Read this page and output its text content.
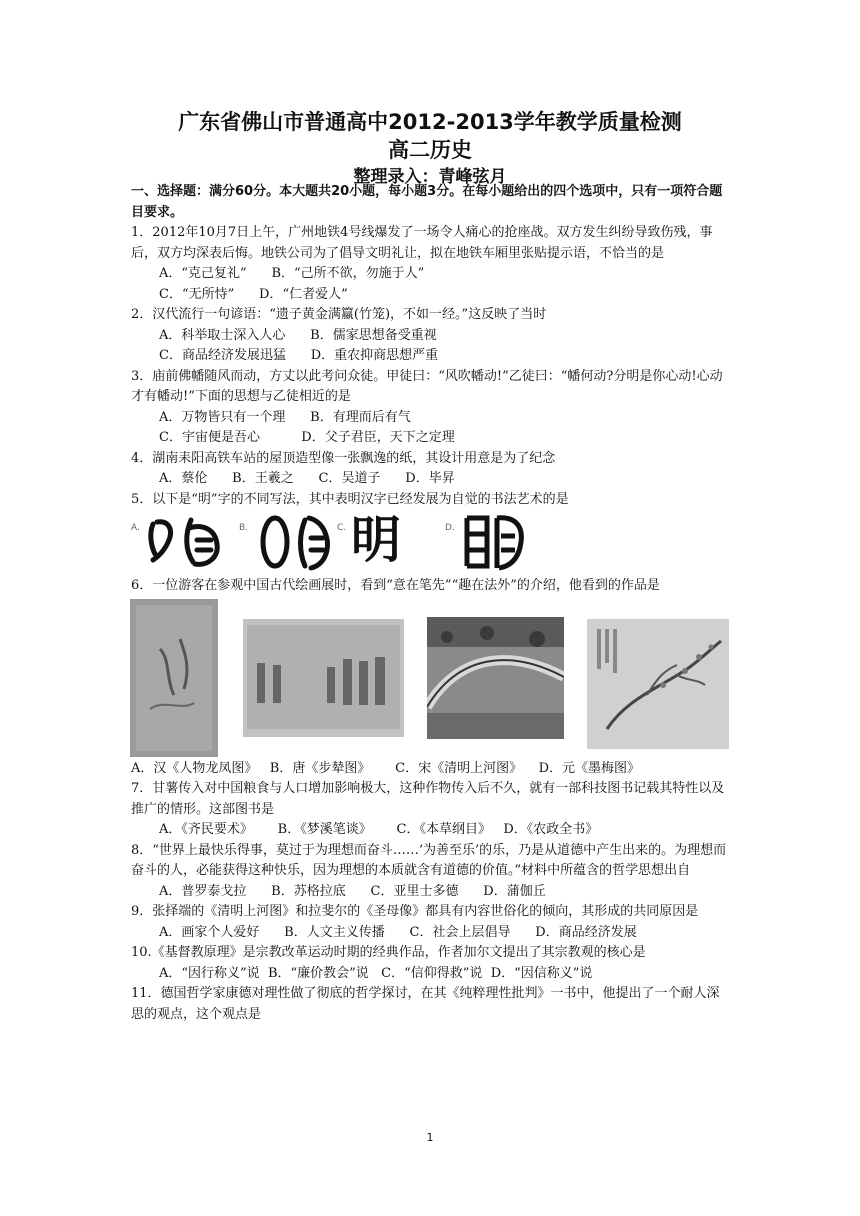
广东省佛山市普通高中2012-2013学年教学质量检测
高二历史
整理录入：青峰弦月

一、选择题：满分60分。本大题共20小题，每小题3分。在每小题给出的四个选项中，只有一项符合题目要求。

1．2012年10月7日上午，广州地铁4号线爆发了一场令人痛心的抢座战。双方发生纠纷导致伤残，事后，双方均深表后悔。地铁公司为了倡导文明礼让，拟在地铁车厢里张贴提示语，不恰当的是

A．“克己复礼”      B．“己所不欲，勿施于人”

C．“无所恃”      D．“仁者爱人”

2．汉代流行一句谚语：“遗子黄金满籝(竹笼)，不如一经。”这反映了当时

A．科举取士深入人心      B．儒家思想备受重视

C．商品经济发展迅猛      D．重农抑商思想严重

3．庙前佛幡随风而动，方丈以此考问众徒。甲徒曰：“风吹幡动!”乙徒曰：“幡何动?分明是你心动!心动才有幡动!”下面的思想与乙徒相近的是

A．万物皆只有一个理      B．有理而后有气

C．宇宙便是吾心          D．父子君臣，天下之定理

4．湖南耒阳高铁车站的屋顶造型像一张飘逸的纸，其设计用意是为了纪念

A．蔡伦      B．王羲之      C．吴道子      D．毕昇

5．以下是“明”字的不同写法，其中表明汉字已经发展为自觉的书法艺术的是

A.	B.	C. 明	D.

6．一位游客在参观中国古代绘画展时，看到“意在笔先”“趣在法外”的介绍，他看到的作品是

A．汉《人物龙凤图》   B．唐《步辇图》      C．宋《清明上河图》    D．元《墨梅图》

7．甘薯传入对中国粮食与人口增加影响极大，这种作物传入后不久，就有一部科技图书记载其特性以及推广的情形。这部图书是

A．《齐民要术》      B．《梦溪笔谈》      C．《本草纲目》   D．《农政全书》

8．“世界上最快乐得事，莫过于为理想而奋斗……‘为善至乐’的乐，乃是从道德中产生出来的。为理想而奋斗的人，必能获得这种快乐，因为理想的本质就含有道德的价值。”材料中所蕴含的哲学思想出自

A．普罗泰戈拉      B．苏格拉底      C．亚里士多德      D．蒲伽丘

9．张择端的《清明上河图》和拉斐尔的《圣母像》都具有内容世俗化的倾向，其形成的共同原因是

A．画家个人爱好      B．人文主义传播      C．社会上层倡导      D．商品经济发展

10.《基督教原理》是宗教改革运动时期的经典作品，作者加尔文提出了其宗教观的核心是

A．“因行称义”说  B．“廉价教会”说   C．“信仰得救”说  D．“因信称义”说

11．德国哲学家康德对理性做了彻底的哲学探讨，在其《纯粹理性批判》一书中，他提出了一个耐人深思的观点，这个观点是

1
